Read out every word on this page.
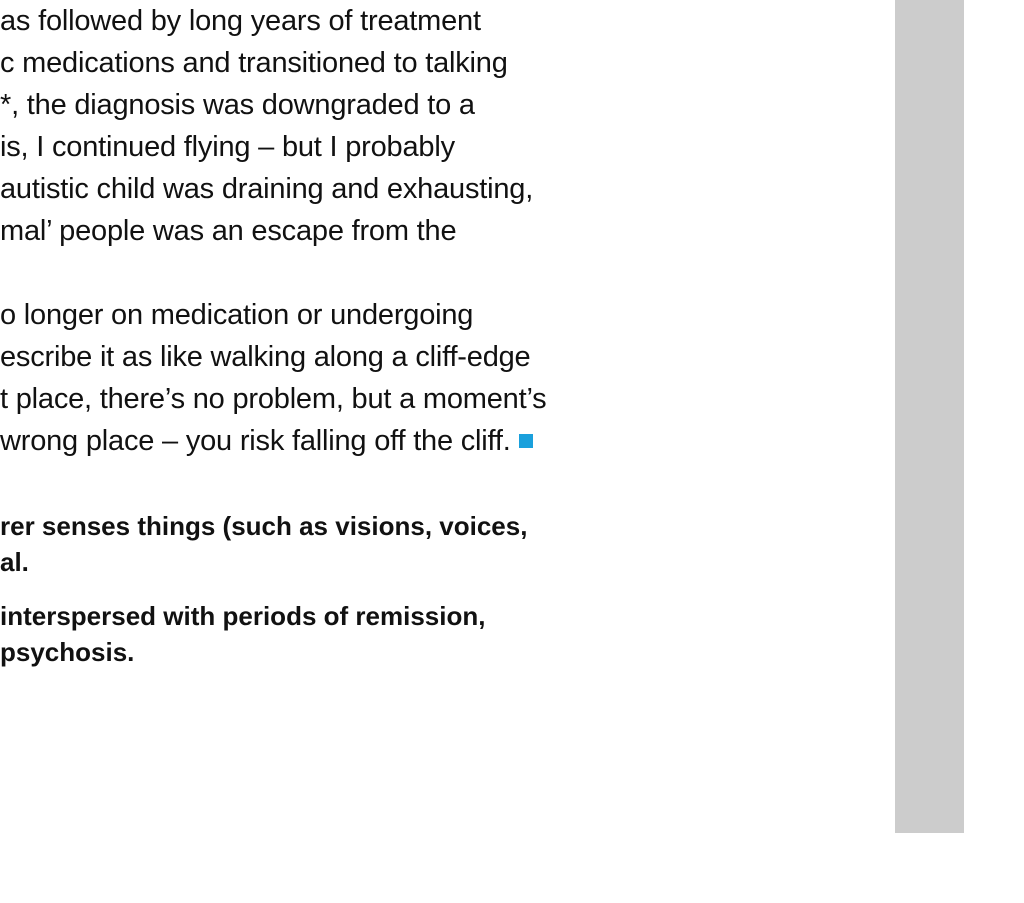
as followed by long years of treatment
c medications and transitioned to talking
*, the diagnosis was downgraded to a
is, I continued flying – but I probably
autistic child was draining and exhausting,
mal’ people was an escape from the
o longer on medication or undergoing
escribe it as like walking along a cliff-edge
t place, there’s no problem, but a moment’s
wrong place – you risk falling off the cliff.
rer senses things (such as visions, voices,
al.
interspersed with periods of remission,
psychosis.
